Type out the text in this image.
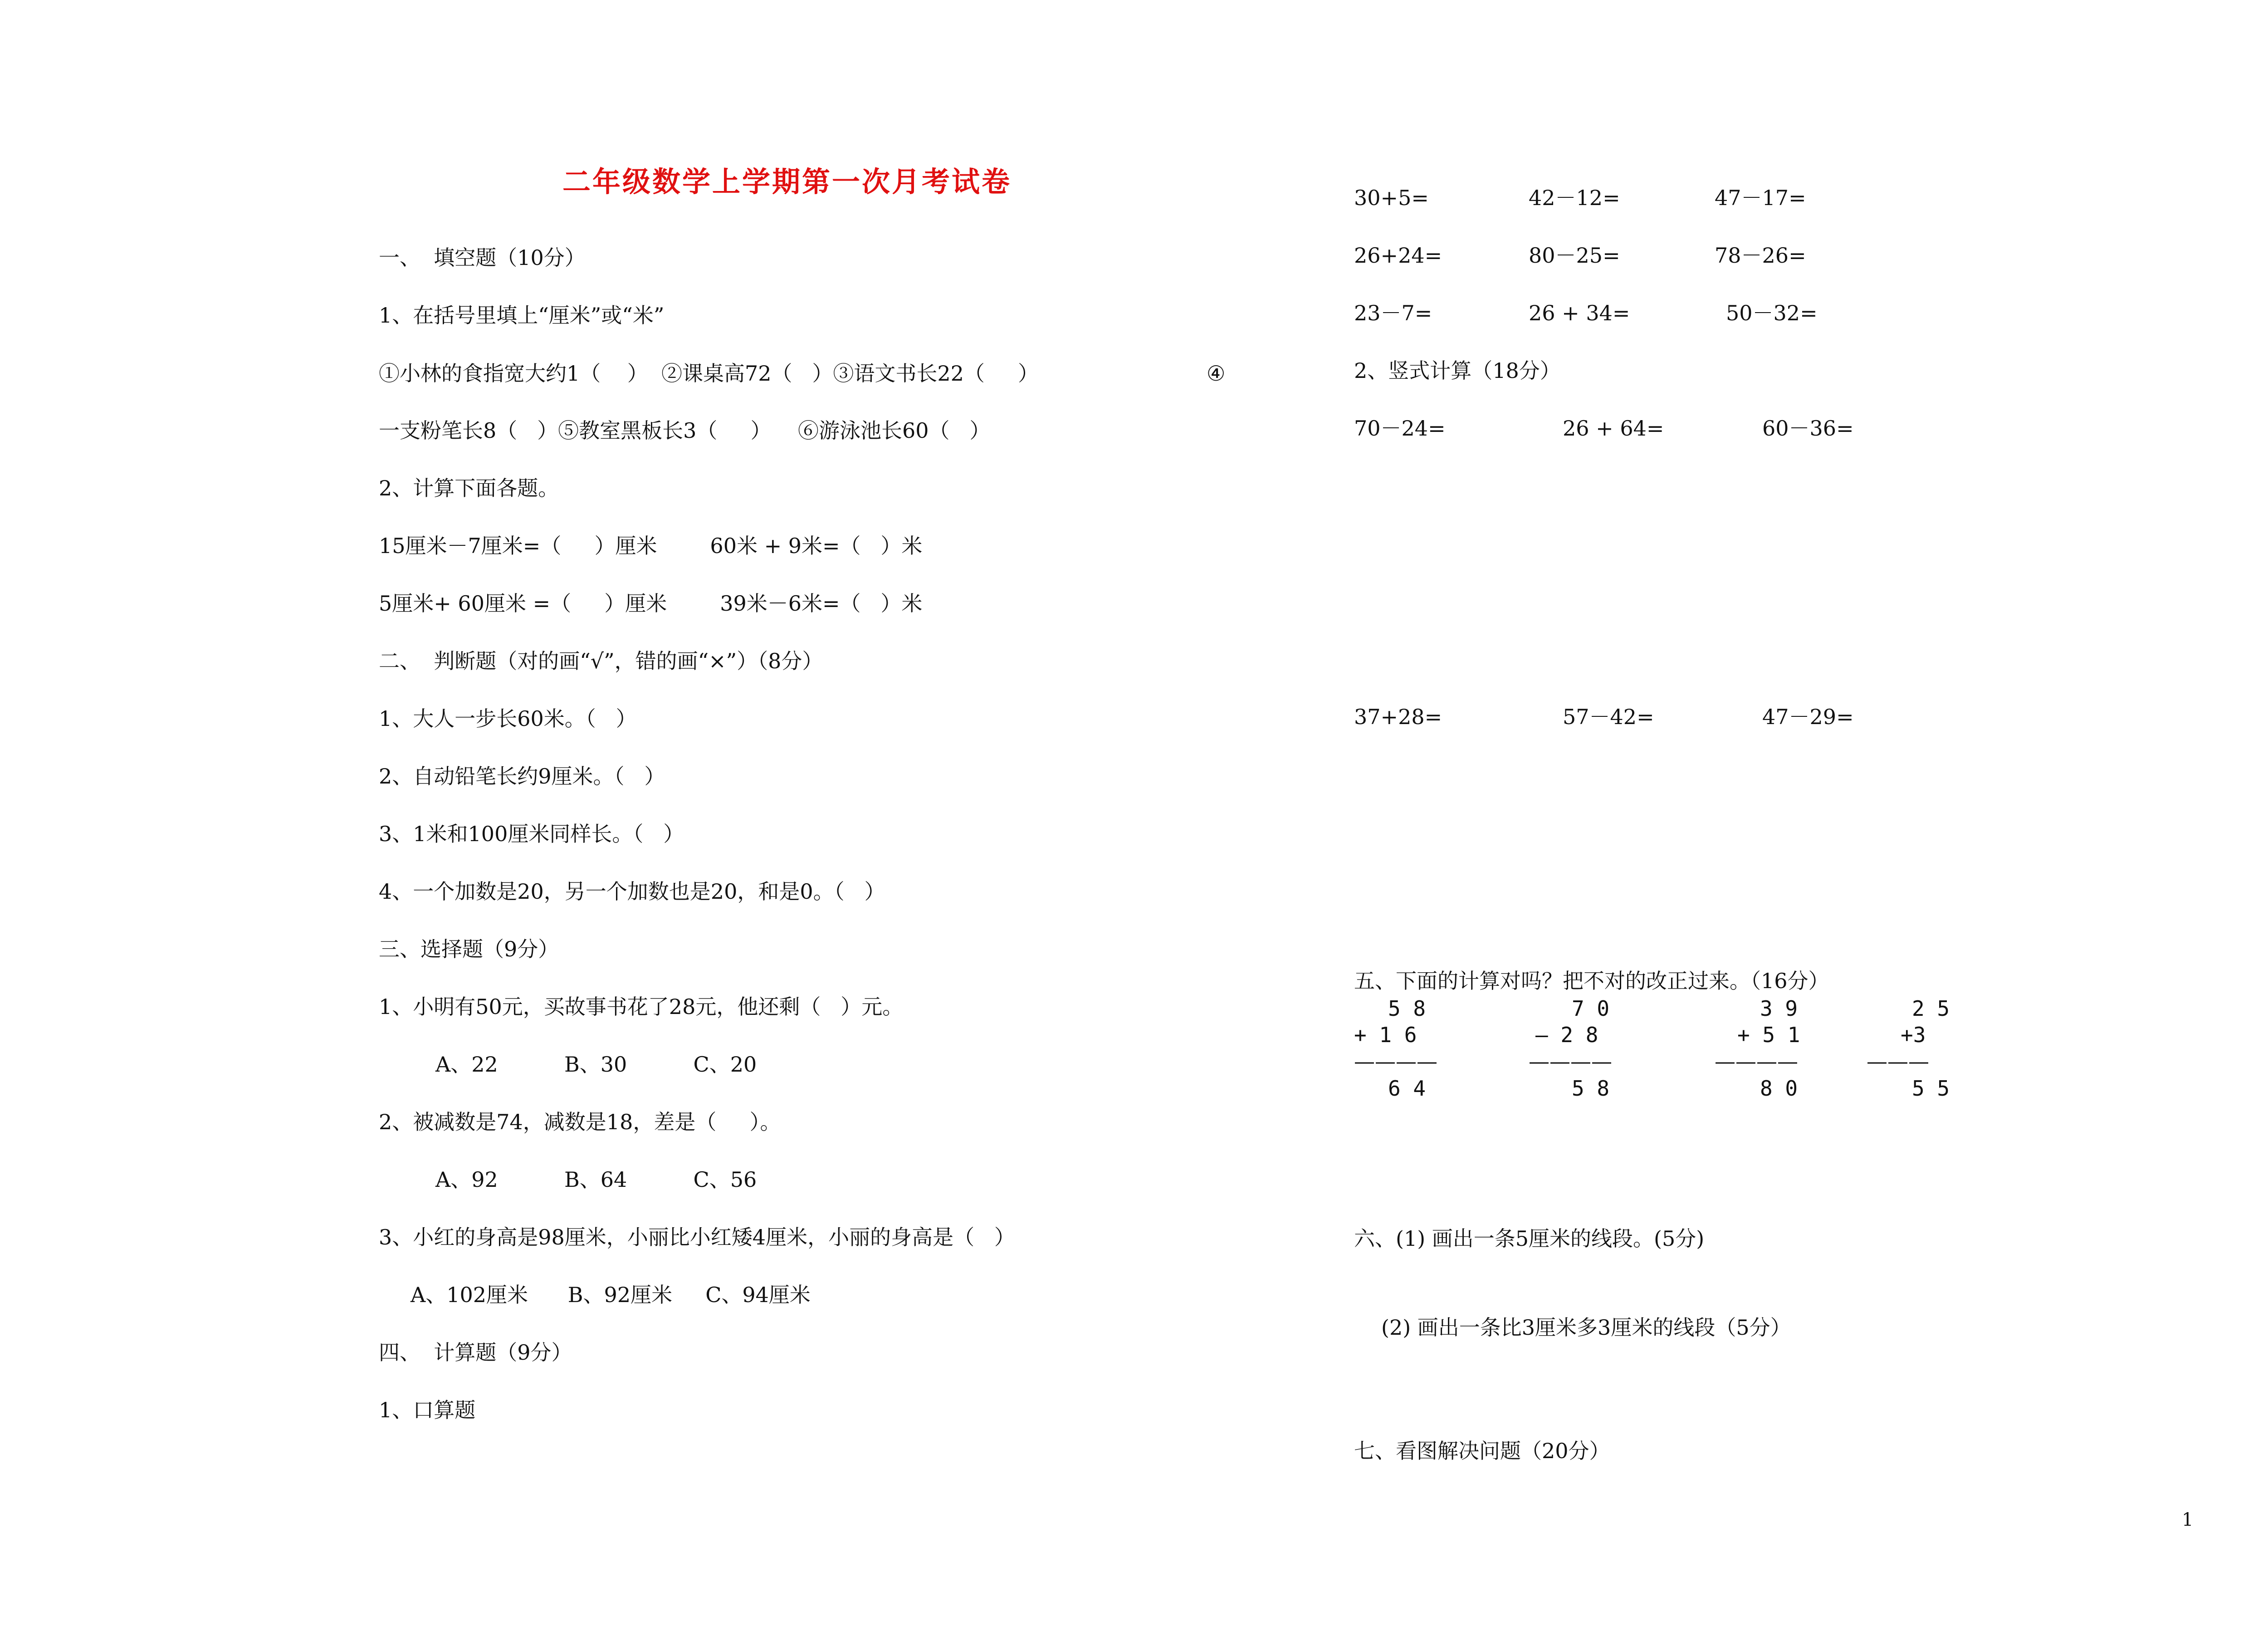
二年级数学上学期第一次月考试卷
一、  填空题（10分）
1、在括号里填上“厘米”或“米”
①小林的食指宽大约1（    ）  ②课桌高72（   ）③语文书长22（     ）	④
一支粉笔长8（   ）⑤教室黑板长3（     ）    ⑥游泳池长60（   ）
2、计算下面各题。
15厘米－7厘米=（     ）厘米        60米 + 9米=（   ）米
5厘米+ 60厘米 =（     ）厘米        39米－6米=（   ）米
二、  判断题（对的画“√”，错的画“×”）（8分）
1、大人一步长60米。（   ）
2、自动铅笔长约9厘米。（   ）
3、1米和100厘米同样长。（   ）
4、一个加数是20，另一个加数也是20，和是0。（   ）
三、选择题（9分）
1、小明有50元，买故事书花了28元，他还剩（   ）元。
A、22          B、30          C、20
2、被减数是74，减数是18，差是（     ）。
A、92          B、64          C、56
3、小红的身高是98厘米，小丽比小红矮4厘米，小丽的身高是（   ）
A、102厘米      B、92厘米     C、94厘米
四、  计算题（9分）
1、口算题
30+5=	42－12=	47－17=
26+24=	80－25=	78－26=
23－7=	26 + 34=	50－32=
2、竖式计算（18分）
70－24=	26 + 64=	60－36=
37+28=	57－42=	47－29=
五、下面的计算对吗？把不对的改正过来。（16分）
5 8
+ 1 6
————
6 4
7 0
— 2 8
————
5 8
3 9
+ 5 1
————
8 0
2 5
+3
———
5 5
六、(1) 画出一条5厘米的线段。(5分)
(2) 画出一条比3厘米多3厘米的线段（5分）
七、看图解决问题（20分）
1
